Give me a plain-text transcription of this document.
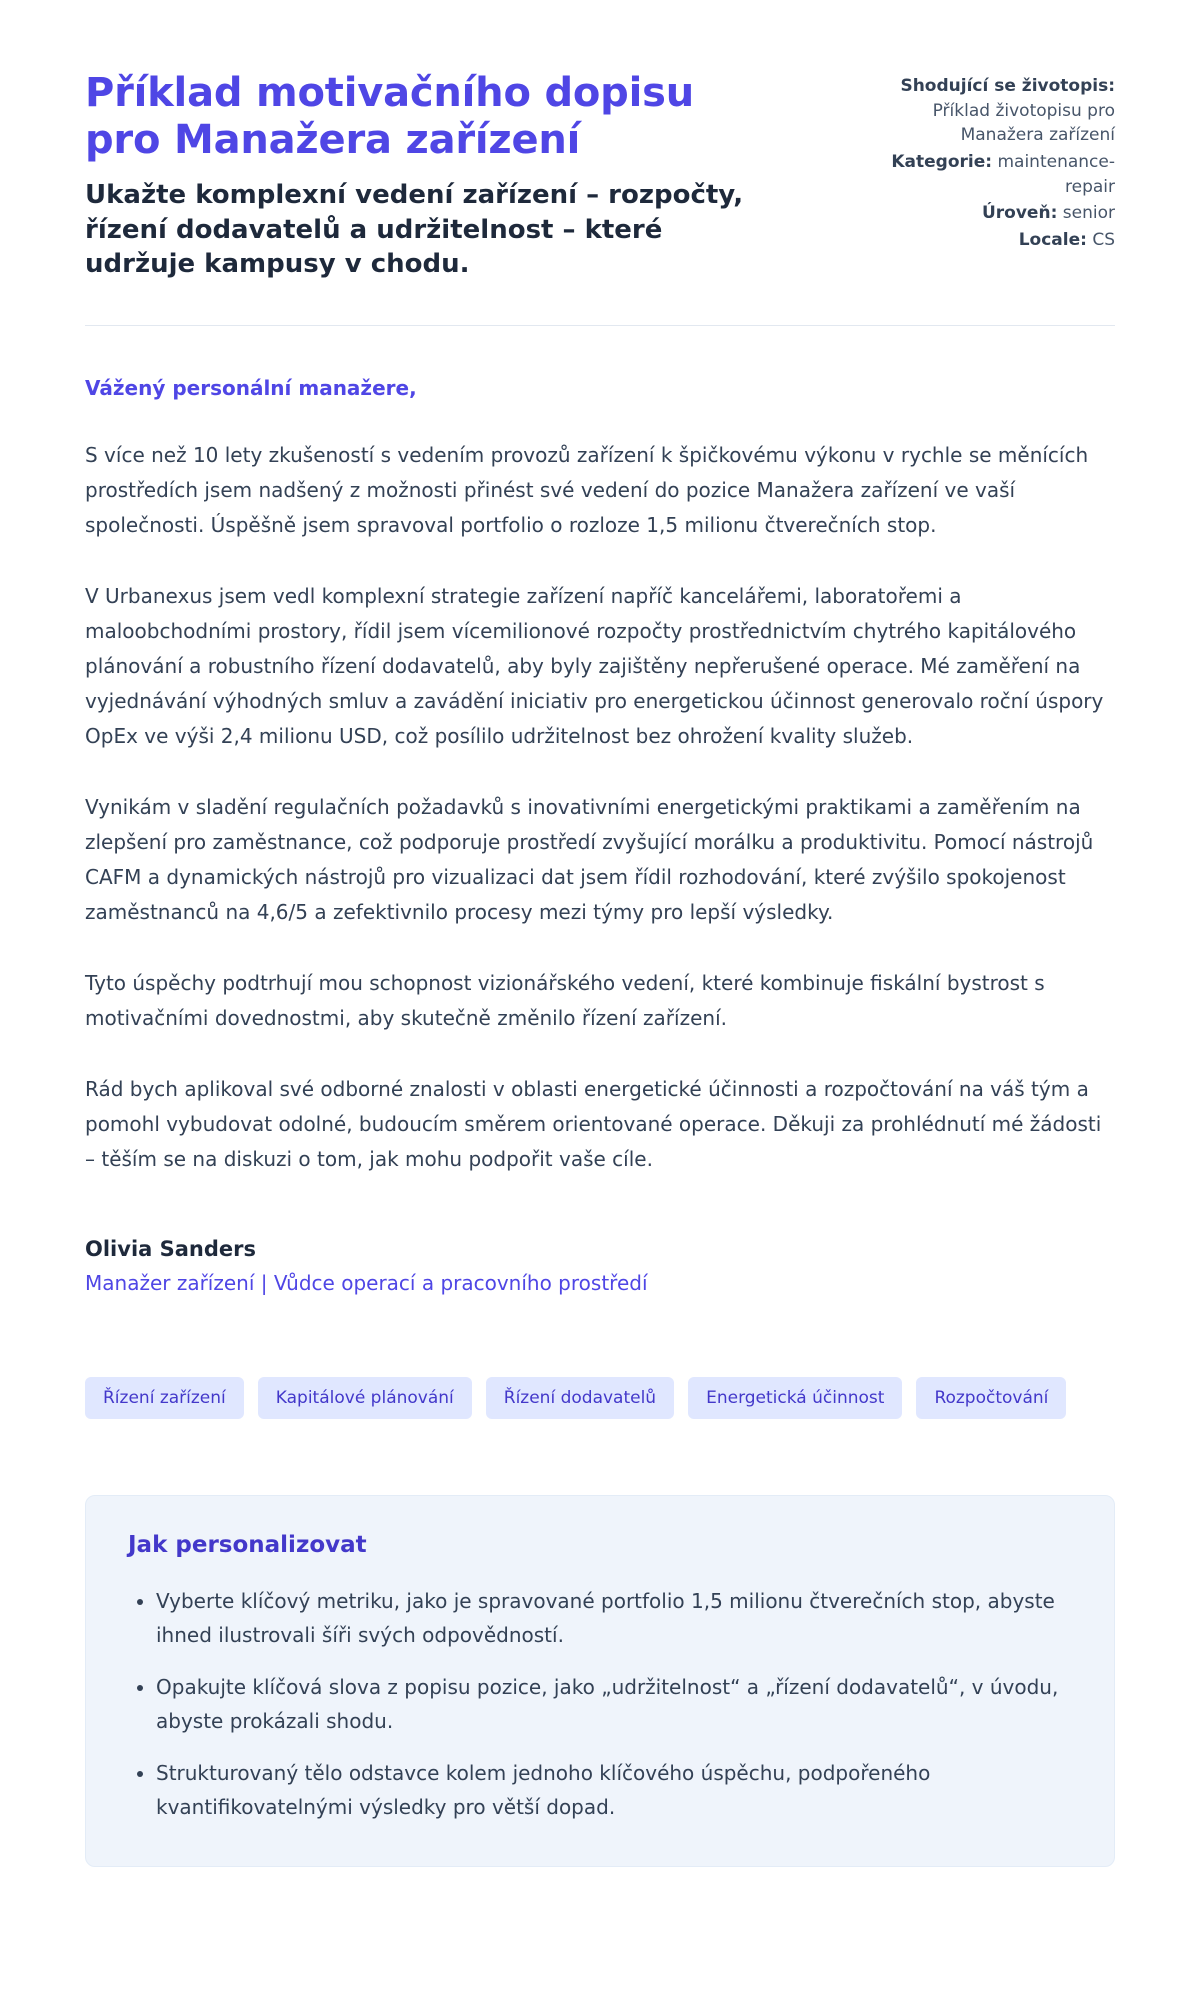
Příklad motivačního dopisu pro Manažera zařízení
Ukažte komplexní vedení zařízení – rozpočty, řízení dodavatelů a udržitelnost – které udržuje kampusy v chodu.
Shodující se životopis:
Příklad životopisu pro Manažera zařízení
Kategorie: maintenance-repair
Úroveň: senior
Locale: CS
Vážený personální manažere,

S více než 10 lety zkušeností s vedením provozů zařízení k špičkovému výkonu v rychle se měnících prostředích jsem nadšený z možnosti přinést své vedení do pozice Manažera zařízení ve vaší společnosti. Úspěšně jsem spravoval portfolio o rozloze 1,5 milionu čtverečních stop.

V Urbanexus jsem vedl komplexní strategie zařízení napříč kancelářemi, laboratořemi a maloobchodními prostory, řídil jsem vícemilionové rozpočty prostřednictvím chytrého kapitálového plánování a robustního řízení dodavatelů, aby byly zajištěny nepřerušené operace. Mé zaměření na vyjednávání výhodných smluv a zavádění iniciativ pro energetickou účinnost generovalo roční úspory OpEx ve výši 2,4 milionu USD, což posílilo udržitelnost bez ohrožení kvality služeb.

Vynikám v sladění regulačních požadavků s inovativními energetickými praktikami a zaměřením na zlepšení pro zaměstnance, což podporuje prostředí zvyšující morálku a produktivitu. Pomocí nástrojů CAFM a dynamických nástrojů pro vizualizaci dat jsem řídil rozhodování, které zvýšilo spokojenost zaměstnanců na 4,6/5 a zefektivnilo procesy mezi týmy pro lepší výsledky.

Tyto úspěchy podtrhují mou schopnost vizionářského vedení, které kombinuje fiskální bystrost s motivačními dovednostmi, aby skutečně změnilo řízení zařízení.

Rád bych aplikoval své odborné znalosti v oblasti energetické účinnosti a rozpočtování na váš tým a pomohl vybudovat odolné, budoucím směrem orientované operace. Děkuji za prohlédnutí mé žádosti – těším se na diskuzi o tom, jak mohu podpořit vaše cíle.

Olivia Sanders
Manažer zařízení | Vůdce operací a pracovního prostředí
Řízení zařízení	Kapitálové plánování	Řízení dodavatelů	Energetická účinnost	Rozpočtování
Jak personalizovat
• Vyberte klíčový metriku, jako je spravované portfolio 1,5 milionu čtverečních stop, abyste ihned ilustrovali šíři svých odpovědností.
• Opakujte klíčová slova z popisu pozice, jako „udržitelnost“ a „řízení dodavatelů“, v úvodu, abyste prokázali shodu.
• Strukturovaný tělo odstavce kolem jednoho klíčového úspěchu, podpořeného kvantifikovatelnými výsledky pro větší dopad.
